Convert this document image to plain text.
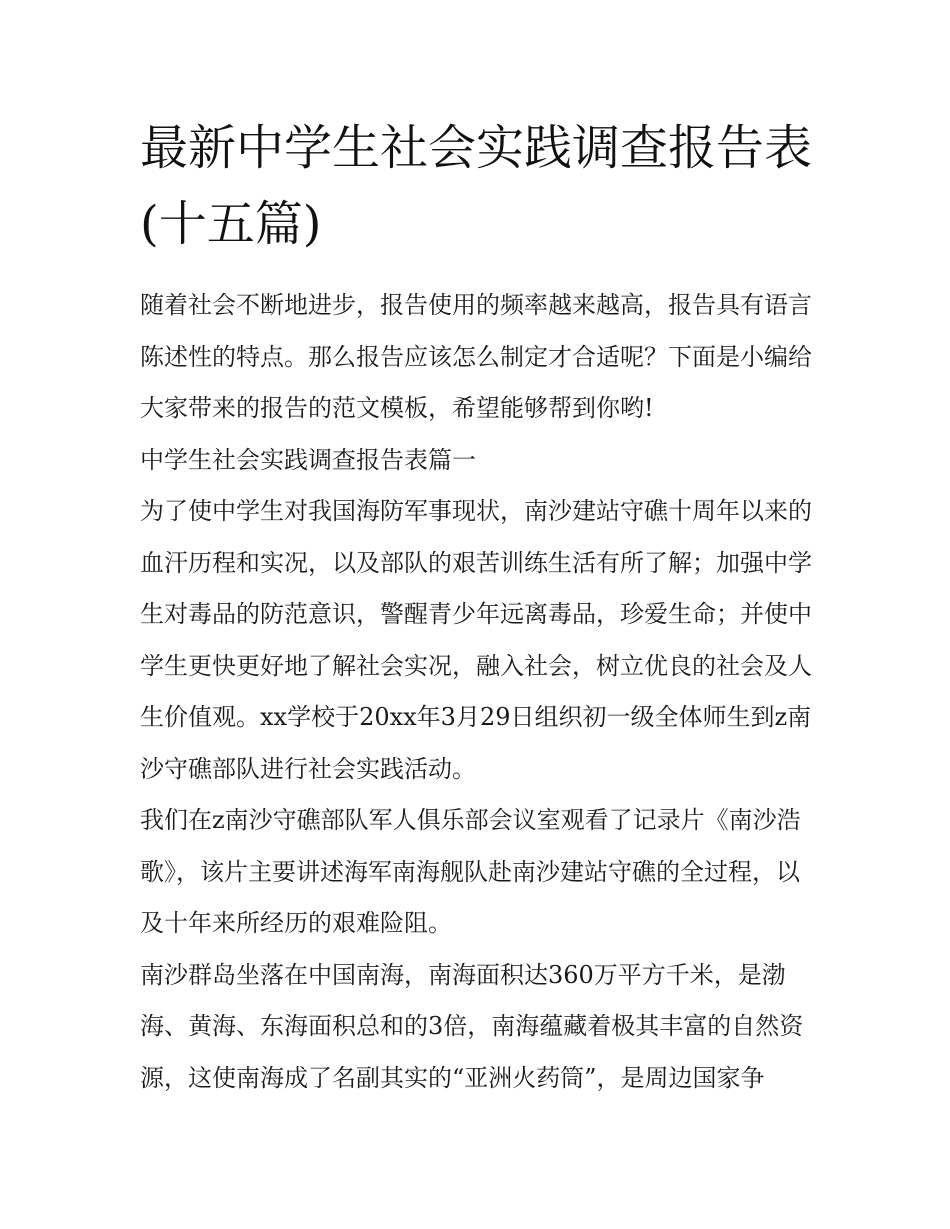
最新中学生社会实践调查报告表(十五篇)

随着社会不断地进步，报告使用的频率越来越高，报告具有语言陈述性的特点。那么报告应该怎么制定才合适呢？下面是小编给大家带来的报告的范文模板，希望能够帮到你哟!

中学生社会实践调查报告表篇一

为了使中学生对我国海防军事现状，南沙建站守礁十周年以来的血汗历程和实况，以及部队的艰苦训练生活有所了解；加强中学生对毒品的防范意识，警醒青少年远离毒品，珍爱生命；并使中学生更快更好地了解社会实况，融入社会，树立优良的社会及人生价值观。xx学校于20xx年3月29日组织初一级全体师生到z南沙守礁部队进行社会实践活动。

我们在z南沙守礁部队军人俱乐部会议室观看了记录片《南沙浩歌》，该片主要讲述海军南海舰队赴南沙建站守礁的全过程，以及十年来所经历的艰难险阻。

南沙群岛坐落在中国南海，南海面积达360万平方千米，是渤海、黄海、东海面积总和的3倍，南海蕴藏着极其丰富的自然资源，这使南海成了名副其实的“亚洲火药筒”，是周边国家争
